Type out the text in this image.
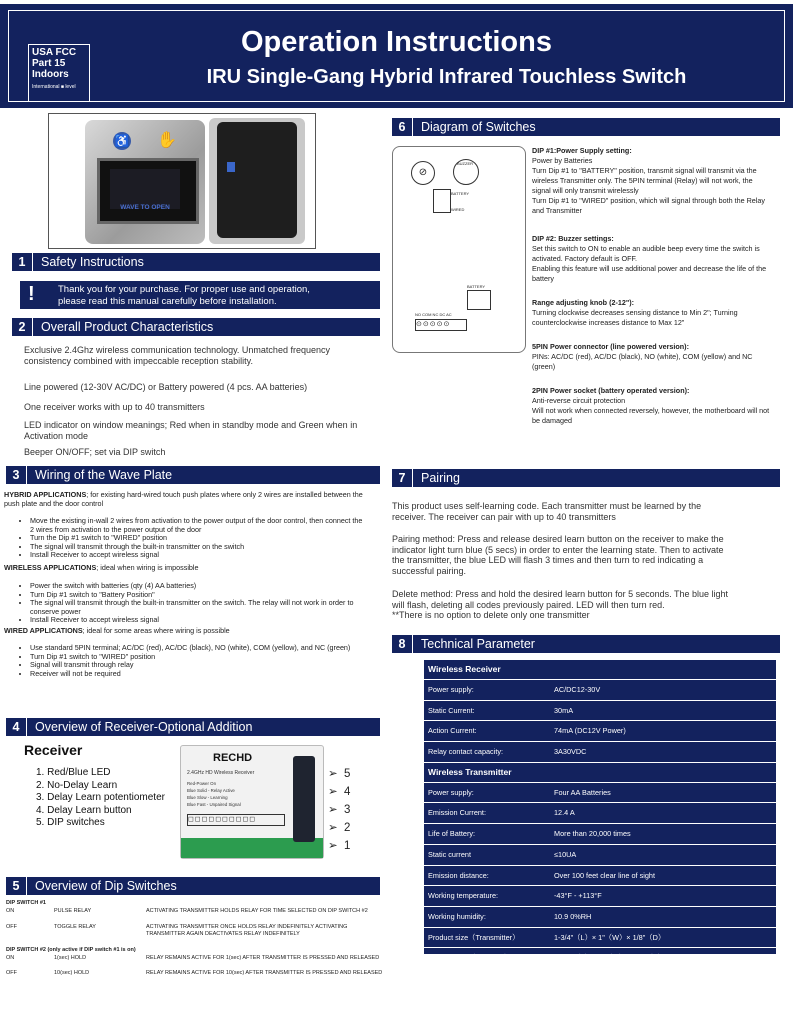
USA FCC
Part 15
Indoors
International ■ level
Operation Instructions
IRU Single-Gang Hybrid Infrared Touchless Switch
♿ ✋
WAVE TO OPEN
1 Safety Instructions
! Thank you for your purchase. For proper use and operation,
please read this manual carefully before installation.
2 Overall Product Characteristics
Exclusive 2.4Ghz wireless communication technology. Unmatched frequency consistency combined with impeccable reception stability.
Line powered (12-30V AC/DC) or Battery powered (4 pcs. AA batteries)
One receiver works with up to 40 transmitters
LED indicator on window meanings; Red when in standby mode and Green when in Activation mode
Beeper ON/OFF; set via DIP switch
3 Wiring of the Wave Plate
HYBRID APPLICATIONS; for existing hard-wired touch push plates where only 2 wires are installed between the push plate and the door control
• Move the existing in-wall 2 wires from activation to the power output of the door control, then connect the 2 wires from activation to the power output of the door
• Turn the Dip #1 switch to "WIRED" position
• The signal will transmit through the built-in transmitter on the switch
• Install Receiver to accept wireless signal
WIRELESS APPLICATIONS; ideal when wiring is impossible
• Power the switch with batteries (qty (4) AA batteries)
• Turn Dip #1 switch to "Battery Position"
• The signal will transmit through the built-in transmitter on the switch. The relay will not work in order to conserve power
• Install Receiver to accept wireless signal
WIRED APPLICATIONS; ideal for some areas where wiring is possible
• Use standard 5PIN terminal; AC/DC (red), AC/DC (black), NO (white), COM (yellow), and NC (green)
• Turn Dip #1 switch to "WIRED" position
• Signal will transmit through relay
• Receiver will not be required
4 Overview of Receiver-Optional Addition
Receiver
1. Red/Blue LED
2. No-Delay Learn
3. Delay Learn potentiometer
4. Delay Learn button
5. DIP switches
RECHD
2.4GHz HD Wireless Receiver
Red-Power On
Blue Solid - Relay Active
Blue Slow - Learning
Blue Fast - Unpaired Signal
◻◻◻◻◻◻◻◻◻◻
➢  5
➢  4
➢  3
➢  2
➢  1
5 Overview of Dip Switches
DIP SWITCH #1
ON	PULSE RELAY	ACTIVATING TRANSMITTER HOLDS RELAY FOR TIME SELECTED ON DIP SWITCH #2
OFF	TOGGLE RELAY	ACTIVATING TRANSMITTER ONCE HOLDS RELAY INDEFINITELY ACTIVATING TRANSMITTER AGAIN DEACTIVATES RELAY INDEFINITELY
DIP SWITCH #2 (only active if DIP switch #1 is on)
ON	1(sec) HOLD	RELAY REMAINS ACTIVE FOR 1(sec) AFTER TRANSMITTER IS PRESSED AND RELEASED
OFF	10(sec) HOLD	RELAY REMAINS ACTIVE FOR 10(sec) AFTER TRANSMITTER IS PRESSED AND RELEASED
6 Diagram of Switches
⊘
BUZZER
BATTERY
WIRED
BATTERY
NO COM NC DC AC
⊙⊙⊙⊙⊙
DIP #1:Power Supply setting:
Power by Batteries
Turn Dip #1 to "BATTERY" position, transmit signal will transmit via the wireless Transmitter only. The 5PIN terminal (Relay) will not work, the signal will only transmit wirelessly
Turn Dip #1 to "WIRED" position, which will signal through both the Relay and Transmitter
DIP #2: Buzzer settings:
Set this switch to ON to enable an audible beep every time the switch is activated. Factory default is OFF.
Enabling this feature will use additional power and decrease the life of the battery
Range adjusting knob (2-12"):
Turning clockwise decreases sensing distance to Min 2"; Turning counterclockwise increases distance to Max 12"
5PIN Power connector (line powered version):
PINs: AC/DC (red), AC/DC (black), NO (white), COM (yellow) and NC (green)
2PIN Power socket (battery operated version):
Anti-reverse circuit protection
Will not work when connected reversely, however, the motherboard will not be damaged
7 Pairing
This product uses self-learning code. Each transmitter must be learned by the receiver. The receiver can pair with up to 40 transmitters
Pairing method: Press and release desired learn button on the receiver to make the indicator light turn blue (5 secs) in order to enter the learning state. Then to activate the transmitter, the blue LED will flash 3 times and then turn to red indicating a successful pairing.
Delete method: Press and hold the desired learn button for 5 seconds. The blue light will flash, deleting all codes previously paired. LED will then turn red.
**There is no option to delete only one transmitter
8 Technical Parameter
Wireless Receiver
Power supply:	AC/DC12-30V
Static Current:	30mA
Action Current:	74mA (DC12V Power)
Relay contact capacity:	3A30VDC
Wireless Transmitter
Power supply:	Four AA Batteries
Emission Current:	12.4 A
Life of Battery:	More than 20,000 times
Static current	≤10UA
Emission distance:	Over 100 feet clear line of sight
Working temperature:	-43°F - +113°F
Working humidity:	10.9 0%RH
Product size（Transmitter）	1-3/4"（L）× 1"（W）× 1/8"（D）
Product size（Receiver）	2-3/4"（L）× 2"（W）× 5/8"（D）
